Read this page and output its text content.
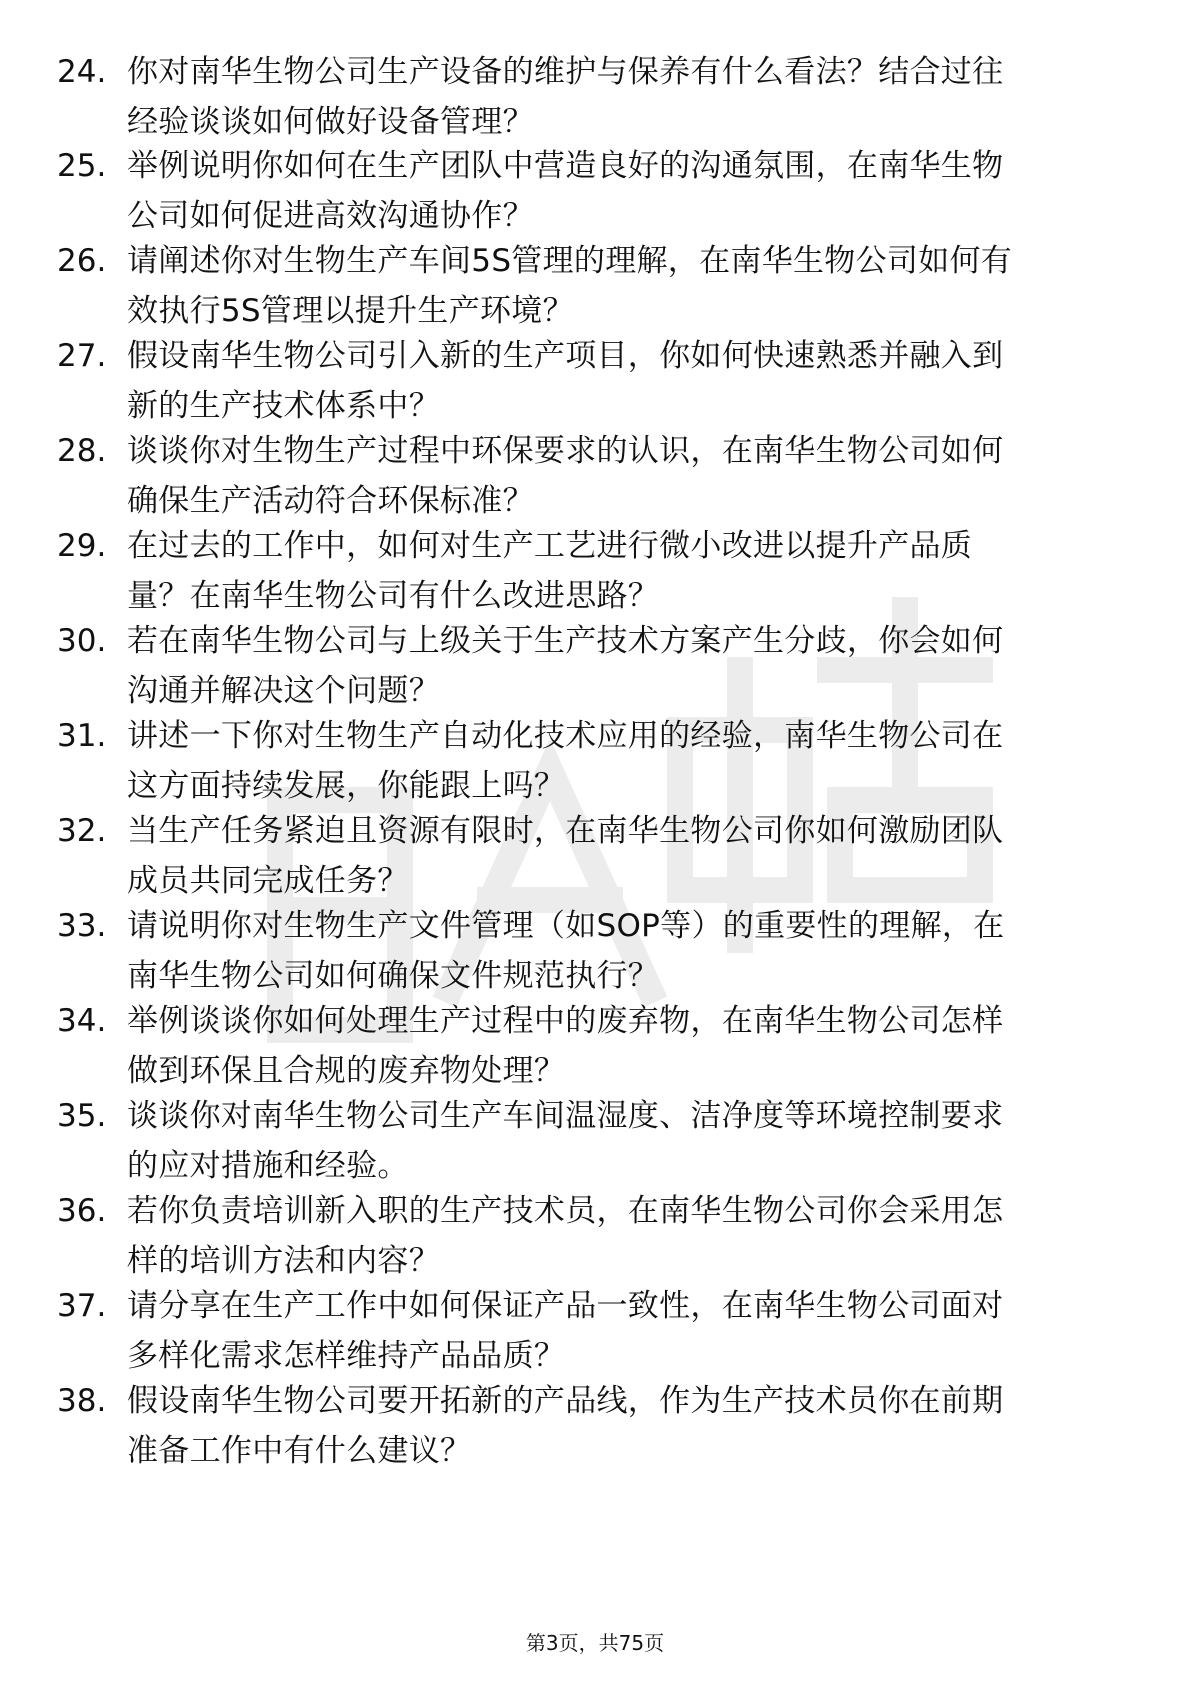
24. 你对南华生物公司生产设备的维护与保养有什么看法？结合过往
经验谈谈如何做好设备管理？
25. 举例说明你如何在生产团队中营造良好的沟通氛围，在南华生物
公司如何促进高效沟通协作？
26. 请阐述你对生物生产车间5S管理的理解，在南华生物公司如何有
效执行5S管理以提升生产环境？
27. 假设南华生物公司引入新的生产项目，你如何快速熟悉并融入到
新的生产技术体系中？
28. 谈谈你对生物生产过程中环保要求的认识，在南华生物公司如何
确保生产活动符合环保标准？
29. 在过去的工作中，如何对生产工艺进行微小改进以提升产品质
量？在南华生物公司有什么改进思路？
30. 若在南华生物公司与上级关于生产技术方案产生分歧，你会如何
沟通并解决这个问题？
31. 讲述一下你对生物生产自动化技术应用的经验，南华生物公司在
这方面持续发展，你能跟上吗？
32. 当生产任务紧迫且资源有限时，在南华生物公司你如何激励团队
成员共同完成任务？
33. 请说明你对生物生产文件管理（如SOP等）的重要性的理解，在
南华生物公司如何确保文件规范执行？
34. 举例谈谈你如何处理生产过程中的废弃物，在南华生物公司怎样
做到环保且合规的废弃物处理？
35. 谈谈你对南华生物公司生产车间温湿度、洁净度等环境控制要求
的应对措施和经验。
36. 若你负责培训新入职的生产技术员，在南华生物公司你会采用怎
样的培训方法和内容？
37. 请分享在生产工作中如何保证产品一致性，在南华生物公司面对
多样化需求怎样维持产品品质？
38. 假设南华生物公司要开拓新的产品线，作为生产技术员你在前期
准备工作中有什么建议？
第3页，共75页
